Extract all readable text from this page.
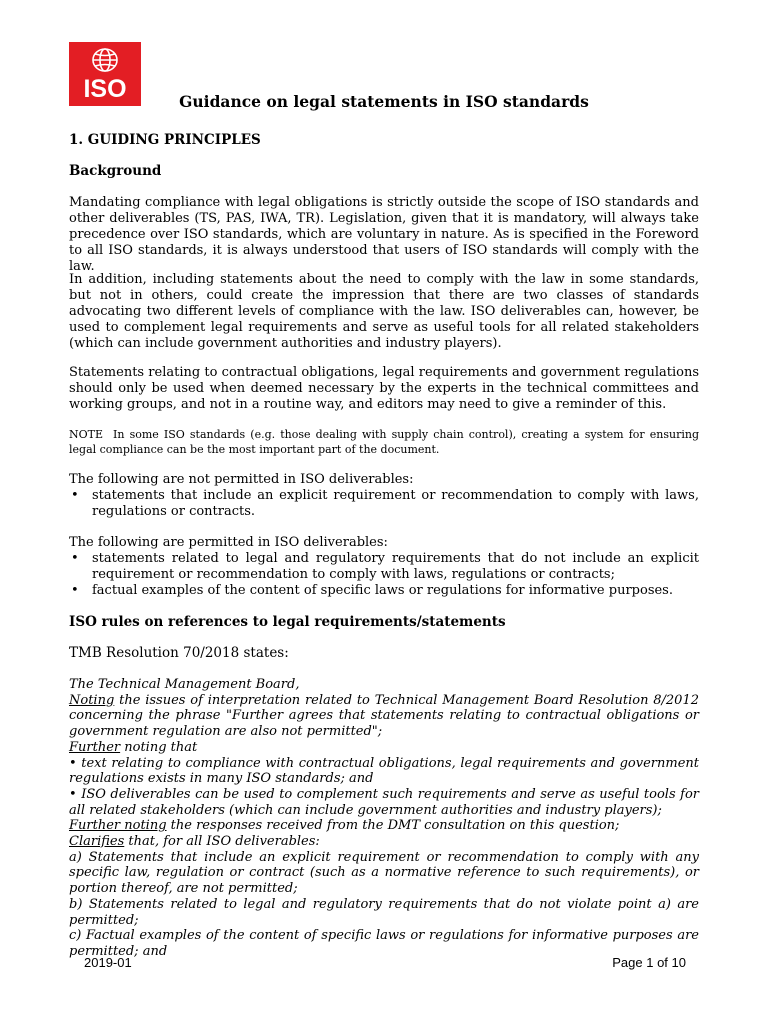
ISO	Guidance on legal statements in ISO standards
1. GUIDING PRINCIPLES
Background

Mandating compliance with legal obligations is strictly outside the scope of ISO standards and other deliverables (TS, PAS, IWA, TR). Legislation, given that it is mandatory, will always take precedence over ISO standards, which are voluntary in nature. As is specified in the Foreword to all ISO standards, it is always understood that users of ISO standards will comply with the law.

In addition, including statements about the need to comply with the law in some standards, but not in others, could create the impression that there are two classes of standards advocating two different levels of compliance with the law. ISO deliverables can, however, be used to complement legal requirements and serve as useful tools for all related stakeholders (which can include government authorities and industry players).

Statements relating to contractual obligations, legal requirements and government regulations should only be used when deemed necessary by the experts in the technical committees and working groups, and not in a routine way, and editors may need to give a reminder of this.

NOTE In some ISO standards (e.g. those dealing with supply chain control), creating a system for ensuring legal compliance can be the most important part of the document.
The following are not permitted in ISO deliverables:
• statements that include an explicit requirement or recommendation to comply with laws, regulations or contracts.
The following are permitted in ISO deliverables:
• statements related to legal and regulatory requirements that do not include an explicit requirement or recommendation to comply with laws, regulations or contracts;
• factual examples of the content of specific laws or regulations for informative purposes.
ISO rules on references to legal requirements/statements
TMB Resolution 70/2018 states:

The Technical Management Board,

Noting the issues of interpretation related to Technical Management Board Resolution 8/2012 concerning the phrase "Further agrees that statements relating to contractual obligations or government regulation are also not permitted";

Further noting that

• text relating to compliance with contractual obligations, legal requirements and government regulations exists in many ISO standards; and

• ISO deliverables can be used to complement such requirements and serve as useful tools for all related stakeholders (which can include government authorities and industry players);

Further noting the responses received from the DMT consultation on this question;

Clarifies that, for all ISO deliverables:

a) Statements that include an explicit requirement or recommendation to comply with any specific law, regulation or contract (such as a normative reference to such requirements), or portion thereof, are not permitted;

b) Statements related to legal and regulatory requirements that do not violate point a) are permitted;

c) Factual examples of the content of specific laws or regulations for informative purposes are permitted; and

2019-01	Page 1 of 10
